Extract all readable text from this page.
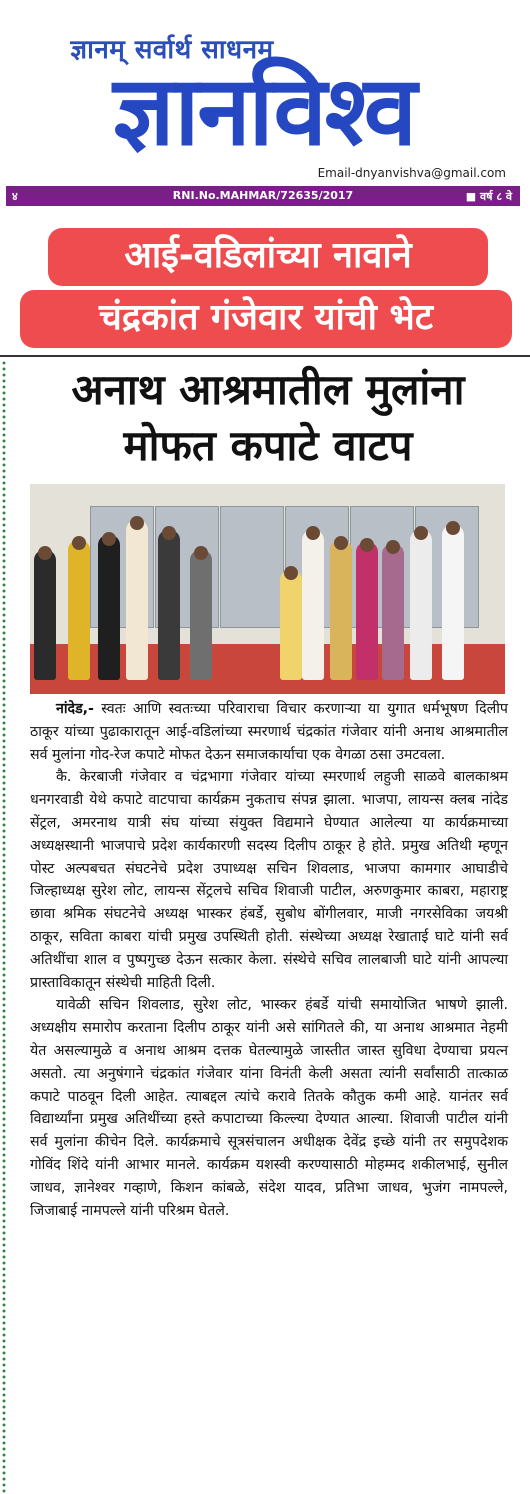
ज्ञानम् सर्वार्थ साधनम्
ज्ञानविश्व
Email-dnyanvishva@gmail.com
४	RNI.No.MAHMAR/72635/2017	■ वर्ष ८ वे
आई-वडिलांच्या नावाने
चंद्रकांत गंजेवार यांची भेट
अनाथ आश्रमातील मुलांना
मोफत कपाटे वाटप

नांदेड,- स्वतः आणि स्वतःच्या परिवाराचा विचार करणाऱ्या या युगात धर्मभूषण दिलीप ठाकूर यांच्या पुढाकारातून आई-वडिलांच्या स्मरणार्थ चंद्रकांत गंजेवार यांनी अनाथ आश्रमातील सर्व मुलांना गोद-रेज कपाटे मोफत देऊन समाजकार्याचा एक वेगळा ठसा उमटवला.

कै. केरबाजी गंजेवार व चंद्रभागा गंजेवार यांच्या स्मरणार्थ लहुजी साळवे बालकाश्रम धनगरवाडी येथे कपाटे वाटपाचा कार्यक्रम नुकताच संपन्न झाला. भाजपा, लायन्स क्लब नांदेड सेंट्रल, अमरनाथ यात्री संघ यांच्या संयुक्त विद्यमाने घेण्यात आलेल्या या कार्यक्रमाच्या अध्यक्षस्थानी भाजपाचे प्रदेश कार्यकारणी सदस्य दिलीप ठाकूर हे होते. प्रमुख अतिथी म्हणून पोस्ट अल्पबचत संघटनेचे प्रदेश उपाध्यक्ष सचिन शिवलाड, भाजपा कामगार आघाडीचे जिल्हाध्यक्ष सुरेश लोट, लायन्स सेंट्रलचे सचिव शिवाजी पाटील, अरुणकुमार काबरा, महाराष्ट्र छावा श्रमिक संघटनेचे अध्यक्ष भास्कर हंबर्डे, सुबोध बोंगीलवार, माजी नगरसेविका जयश्री ठाकूर, सविता काबरा यांची प्रमुख उपस्थिती होती. संस्थेच्या अध्यक्ष रेखाताई घाटे यांनी सर्व अतिथींचा शाल व पुष्पगुच्छ देऊन सत्कार केला. संस्थेचे सचिव लालबाजी घाटे यांनी आपल्या प्रास्ताविकातून संस्थेची माहिती दिली.

यावेळी सचिन शिवलाड, सुरेश लोट, भास्कर हंबर्डे यांची समायोजित भाषणे झाली. अध्यक्षीय समारोप करताना दिलीप ठाकूर यांनी असे सांगितले की, या अनाथ आश्रमात नेहमी येत असल्यामुळे व अनाथ आश्रम दत्तक घेतल्यामुळे जास्तीत जास्त सुविधा देण्याचा प्रयत्न असतो. त्या अनुषंगाने चंद्रकांत गंजेवार यांना विनंती केली असता त्यांनी सर्वांसाठी तात्काळ कपाटे पाठवून दिली आहेत. त्याबद्दल त्यांचे करावे तितके कौतुक कमी आहे. यानंतर सर्व विद्यार्थ्यांना प्रमुख अतिथींच्या हस्ते कपाटाच्या किल्ल्या देण्यात आल्या. शिवाजी पाटील यांनी सर्व मुलांना कीचेन दिले. कार्यक्रमाचे सूत्रसंचालन अधीक्षक देवेंद्र इच्छे यांनी तर समुपदेशक गोविंद शिंदे यांनी आभार मानले. कार्यक्रम यशस्वी करण्यासाठी मोहम्मद शकीलभाई, सुनील जाधव, ज्ञानेश्वर गव्हाणे, किशन कांबळे, संदेश यादव, प्रतिभा जाधव, भुजंग नामपल्ले, जिजाबाई नामपल्ले यांनी परिश्रम घेतले.
